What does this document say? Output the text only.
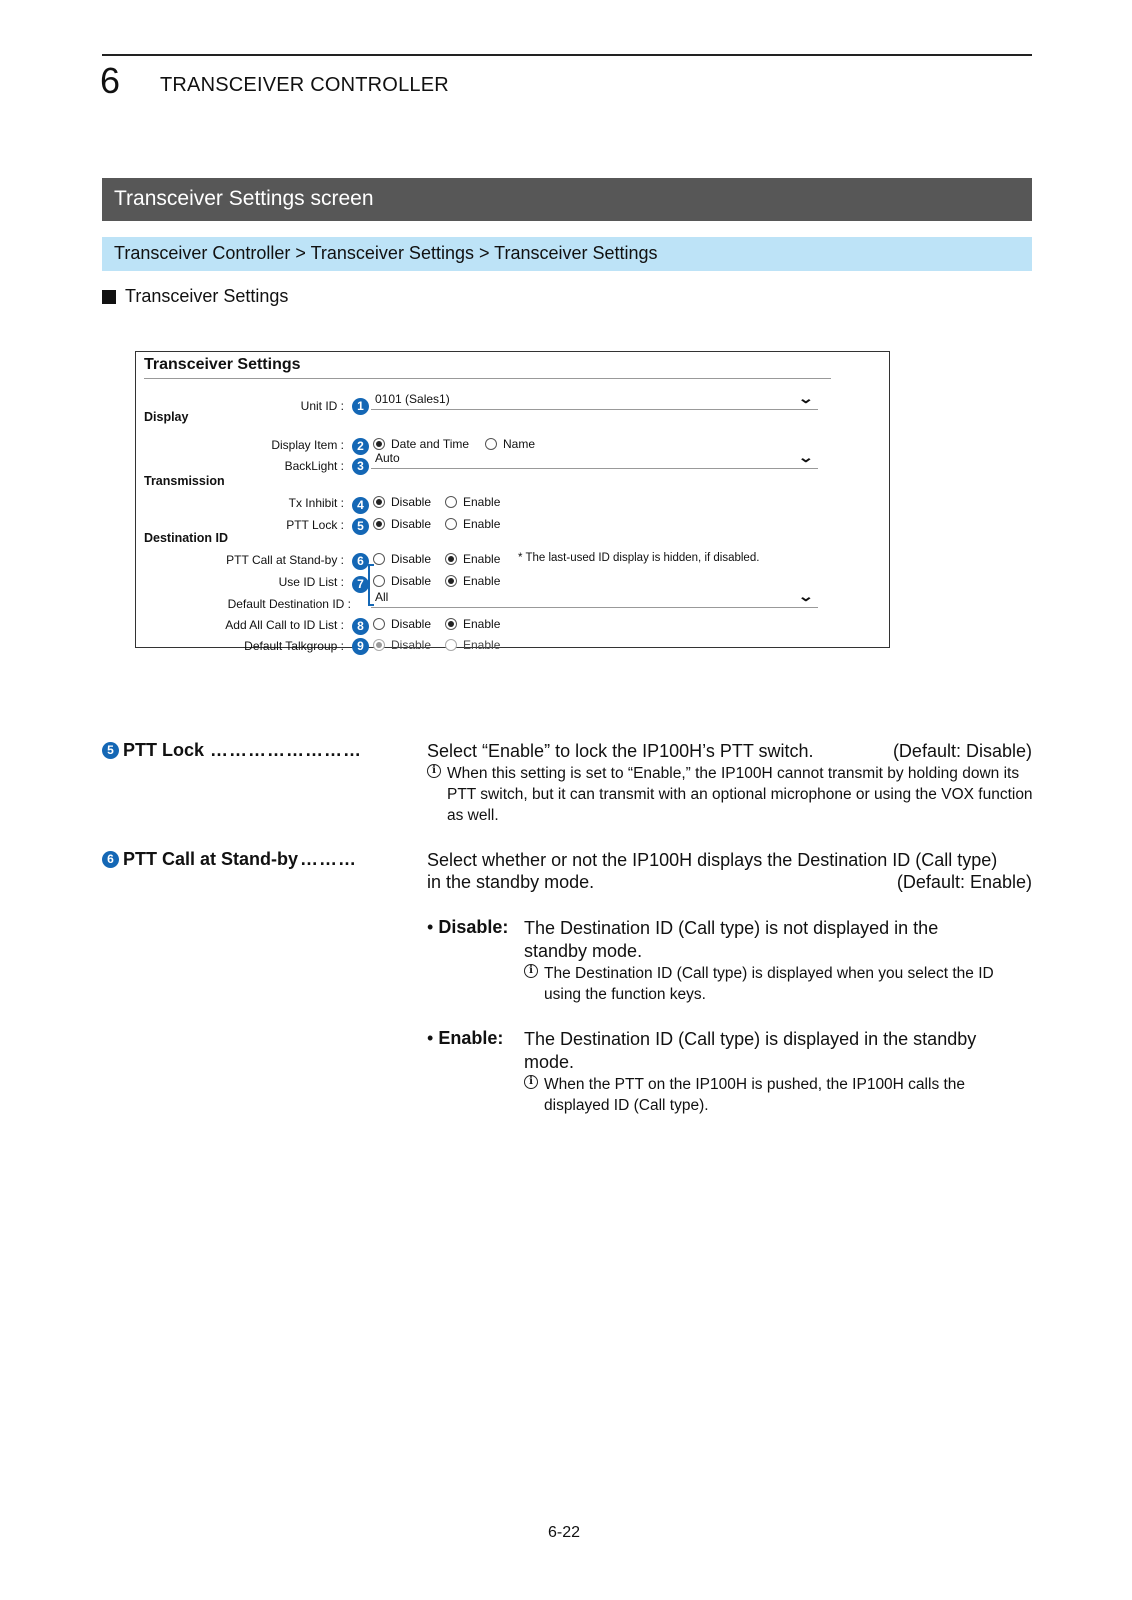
6 TRANSCEIVER CONTROLLER
Transceiver Settings screen
Transceiver Controller > Transceiver Settings > Transceiver Settings
Transceiver Settings
Transceiver Settings
Unit ID :	1 0101 (Sales1)	⌄
Display
Display Item :	2	Date and Time	Name
BackLight :	3
Auto	⌄
Transmission
Tx Inhibit :	4	Disable	Enable
PTT Lock :	5	Disable	Enable
Destination ID
PTT Call at Stand-by :	6	Disable	Enable * The last-used ID display is hidden, if disabled.
Use ID List :	7	Disable	Enable
Default Destination ID :	All	⌄
Add All Call to ID List :	8	Disable	Enable
Default Talkgroup :	9	Disable	Enable
5 PTT Lock ……………………	Select “Enable” to lock the IP100H’s PTT switch.	(Default: Disable)
i When this setting is set to “Enable,” the IP100H cannot transmit by holding down its PTT switch, but it can transmit with an optional microphone or using the VOX function as well.
6 PTT Call at Stand-by ………	Select whether or not the IP100H displays the Destination ID (Call type)
in the standby mode.	(Default: Enable)
• Disable: The Destination ID (Call type) is not displayed in the standby mode.
i The Destination ID (Call type) is displayed when you select the ID using the function keys.
• Enable: The Destination ID (Call type) is displayed in the standby mode.
i When the PTT on the IP100H is pushed, the IP100H calls the displayed ID (Call type).
6-22
